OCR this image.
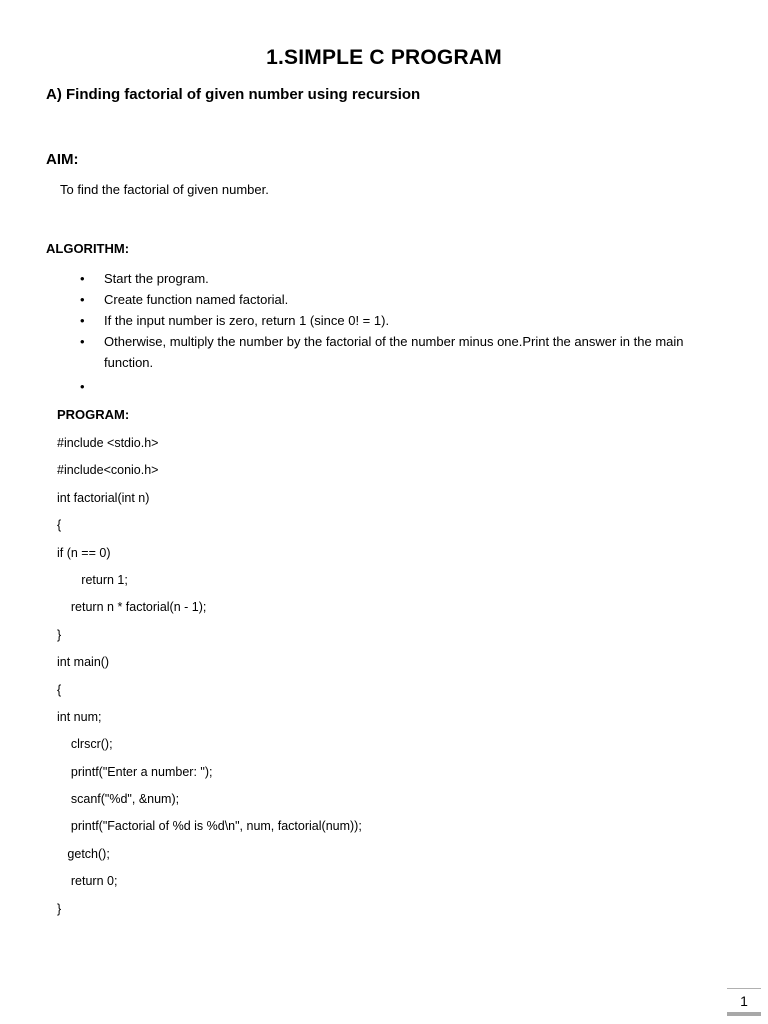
1.SIMPLE C PROGRAM
A) Finding factorial of given number using recursion
AIM:

To find the factorial of given number.

ALGORITHM:
• Start the program.
• Create function named factorial.
• If the input number is zero, return 1 (since 0! = 1).
• Otherwise, multiply the number by the factorial of the number minus one.Print the answer in the main function.
•
PROGRAM:
#include <stdio.h>
#include<conio.h>
int factorial(int n)
{
if (n == 0)
return 1;
return n * factorial(n - 1);
}
int main()
{
int num;
clrscr();
printf("Enter a number: ");
scanf("%d", &num);
printf("Factorial of %d is %d\n", num, factorial(num));
getch();
return 0;
}
1
